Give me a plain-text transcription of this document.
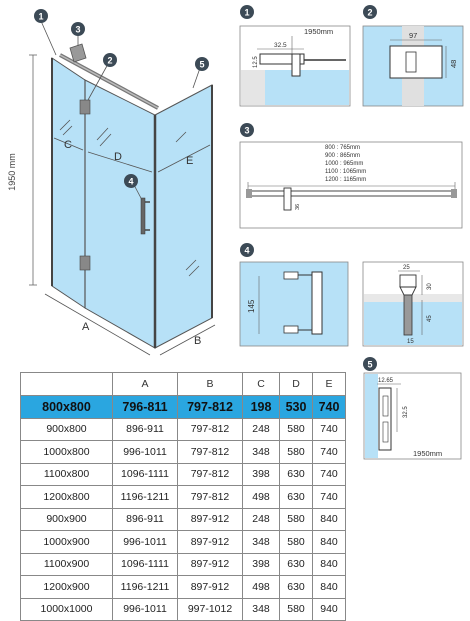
1950 mm
C
D	E
A
B
1
3
2
4
5
1
1950mm
32.5
12.5
2
97
48
3
800 : 765mm
900 : 865mm
1000 : 965mm
1100 : 1065mm
1200 : 1165mm
36
4
145
25
30
45
15
5
12.65
32.5
1950mm
	A	B	C	D	E
800x800	796-811	797-812	198	530	740
900x800	896-911	797-812	248	580	740
1000x800	996-1011	797-812	348	580	740
1100x800	1096-1111	797-812	398	630	740
1200x800	1196-1211	797-812	498	630	740
900x900	896-911	897-912	248	580	840
1000x900	996-1011	897-912	348	580	840
1100x900	1096-1111	897-912	398	630	840
1200x900	1196-1211	897-912	498	630	840
1000x1000	996-1011	997-1012	348	580	940
